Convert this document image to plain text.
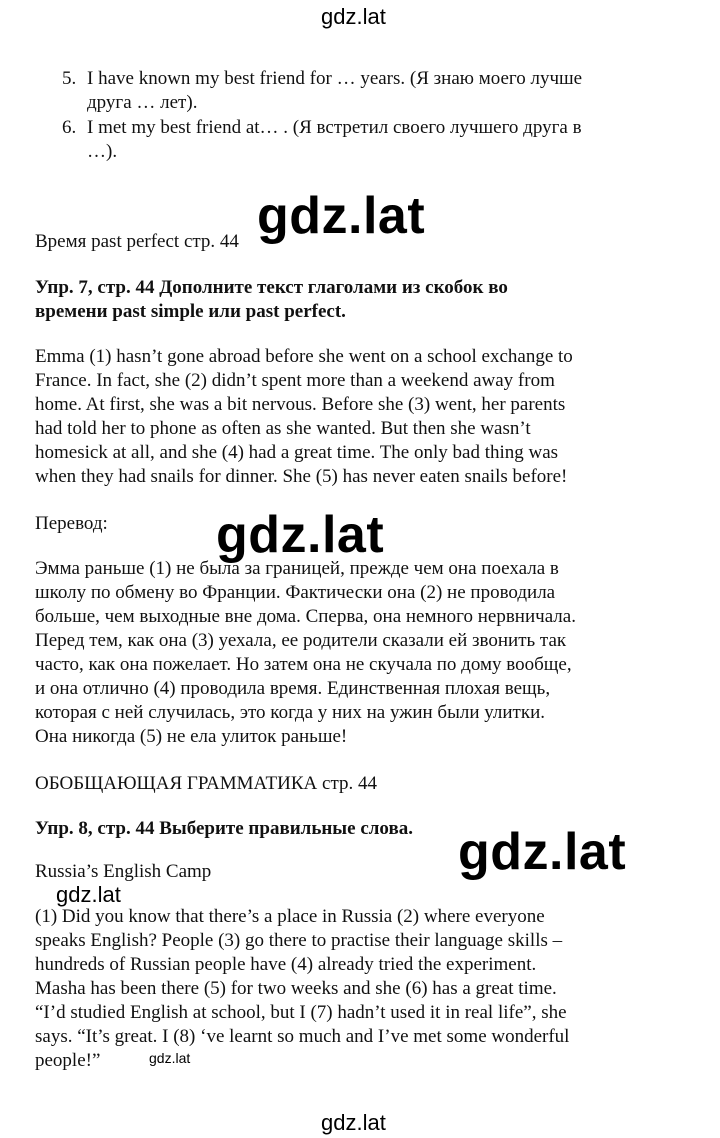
gdz.lat
5. I have known my best friend for … years. (Я знаю моего лучше
друга … лет).
6. I met my best friend at… . (Я встретил своего лучшего друга в
…).
Время past perfect стр. 44 gdz.lat
Упр. 7, стр. 44 Дополните текст глаголами из скобок во
времени past simple или past perfect.
Emma (1) hasn’t gone abroad before she went on a school exchange to
France. In fact, she (2) didn’t spent more than a weekend away from
home. At first, she was a bit nervous. Before she (3) went, her parents
had told her to phone as often as she wanted. But then she wasn’t
homesick at all, and she (4) had a great time. The only bad thing was
when they had snails for dinner. She (5) has never eaten snails before!
Перевод: gdz.lat
Эмма раньше (1) не была за границей, прежде чем она поехала в
школу по обмену во Франции. Фактически она (2) не проводила
больше, чем выходные вне дома. Сперва, она немного нервничала.
Перед тем, как она (3) уехала, ее родители сказали ей звонить так
часто, как она пожелает. Но затем она не скучала по дому вообще,
и она отлично (4) проводила время. Единственная плохая вещь,
которая с ней случилась, это когда у них на ужин были улитки.
Она никогда (5) не ела улиток раньше!
ОБОБЩАЮЩАЯ ГРАММАТИКА стр. 44
Упр. 8, стр. 44 Выберите правильные слова. gdz.lat
Russia’s English Camp
gdz.lat
(1) Did you know that there’s a place in Russia (2) where everyone
speaks English? People (3) go there to practise their language skills –
hundreds of Russian people have (4) already tried the experiment.
Masha has been there (5) for two weeks and she (6) has a great time.
“I’d studied English at school, but I (7) hadn’t used it in real life”, she
says. “It’s great. I (8) ‘ve learnt so much and I’ve met some wonderful
people!”	gdz.lat
gdz.lat
